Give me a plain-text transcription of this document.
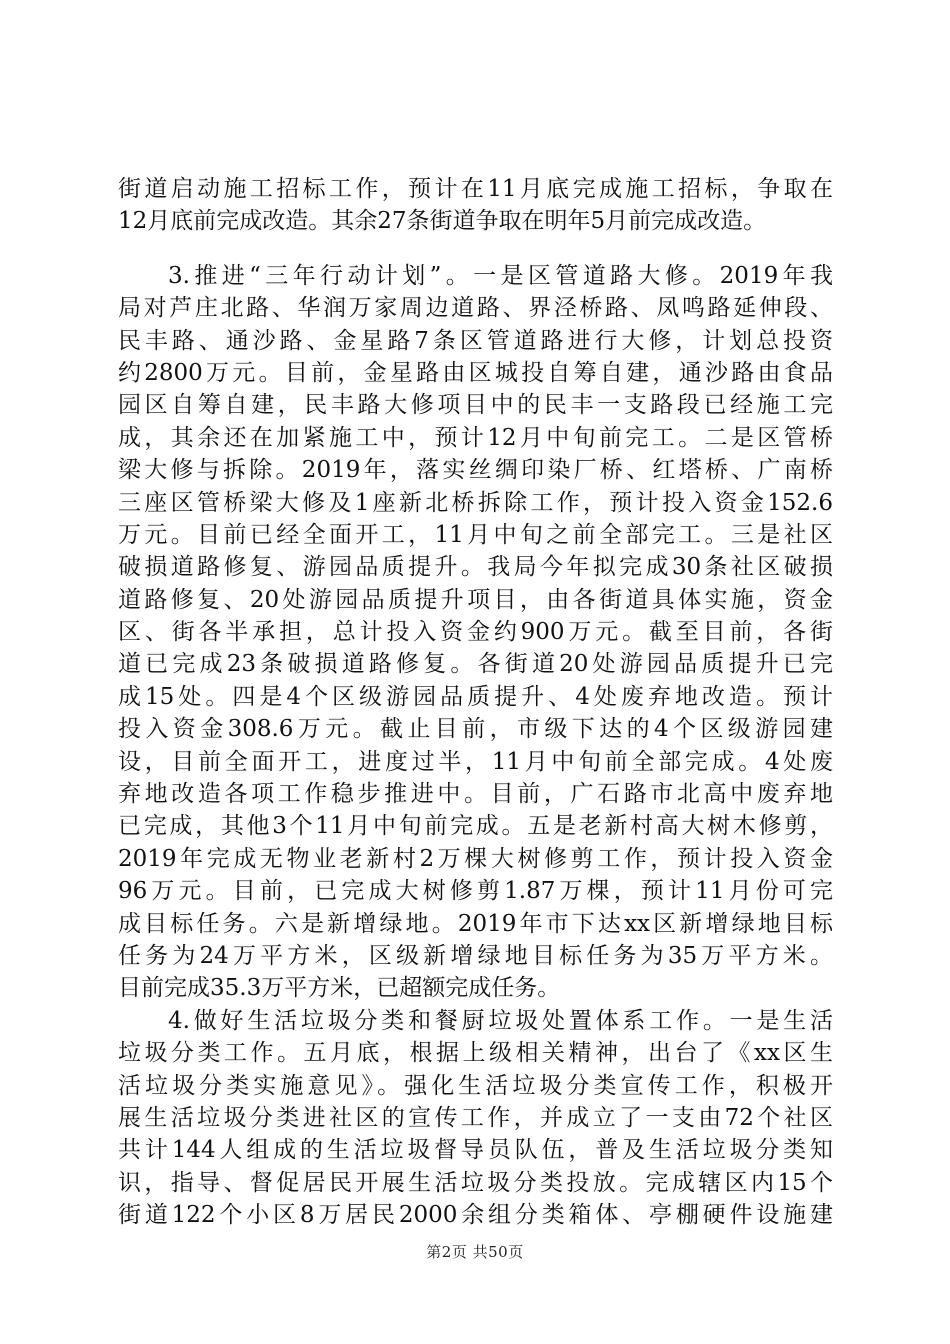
街道启动施工招标工作，预计在11月底完成施工招标，争取在
12月底前完成改造。其余27条街道争取在明年5月前完成改造。
3.推进“三年行动计划”。一是区管道路大修。2019年我
局对芦庄北路、华润万家周边道路、界泾桥路、凤鸣路延伸段、
民丰路、通沙路、金星路7条区管道路进行大修，计划总投资
约2800万元。目前，金星路由区城投自筹自建，通沙路由食品
园区自筹自建，民丰路大修项目中的民丰一支路段已经施工完
成，其余还在加紧施工中，预计12月中旬前完工。二是区管桥
梁大修与拆除。2019年，落实丝绸印染厂桥、红塔桥、广南桥
三座区管桥梁大修及1座新北桥拆除工作，预计投入资金152.6
万元。目前已经全面开工，11月中旬之前全部完工。三是社区
破损道路修复、游园品质提升。我局今年拟完成30条社区破损
道路修复、20处游园品质提升项目，由各街道具体实施，资金
区、街各半承担，总计投入资金约900万元。截至目前，各街
道已完成23条破损道路修复。各街道20处游园品质提升已完
成15处。四是4个区级游园品质提升、4处废弃地改造。预计
投入资金308.6万元。截止目前，市级下达的4个区级游园建
设，目前全面开工，进度过半，11月中旬前全部完成。4处废
弃地改造各项工作稳步推进中。目前，广石路市北高中废弃地
已完成，其他3个11月中旬前完成。五是老新村高大树木修剪，
2019年完成无物业老新村2万棵大树修剪工作，预计投入资金
96万元。目前，已完成大树修剪1.87万棵，预计11月份可完
成目标任务。六是新增绿地。2019年市下达xx区新增绿地目标
任务为24万平方米，区级新增绿地目标任务为35万平方米。
目前完成35.3万平方米，已超额完成任务。
4.做好生活垃圾分类和餐厨垃圾处置体系工作。一是生活
垃圾分类工作。五月底，根据上级相关精神，出台了《xx区生
活垃圾分类实施意见》。强化生活垃圾分类宣传工作，积极开
展生活垃圾分类进社区的宣传工作，并成立了一支由72个社区
共计144人组成的生活垃圾督导员队伍，普及生活垃圾分类知
识，指导、督促居民开展生活垃圾分类投放。完成辖区内15个
街道122个小区8万居民2000余组分类箱体、亭棚硬件设施建
第2页 共50页
